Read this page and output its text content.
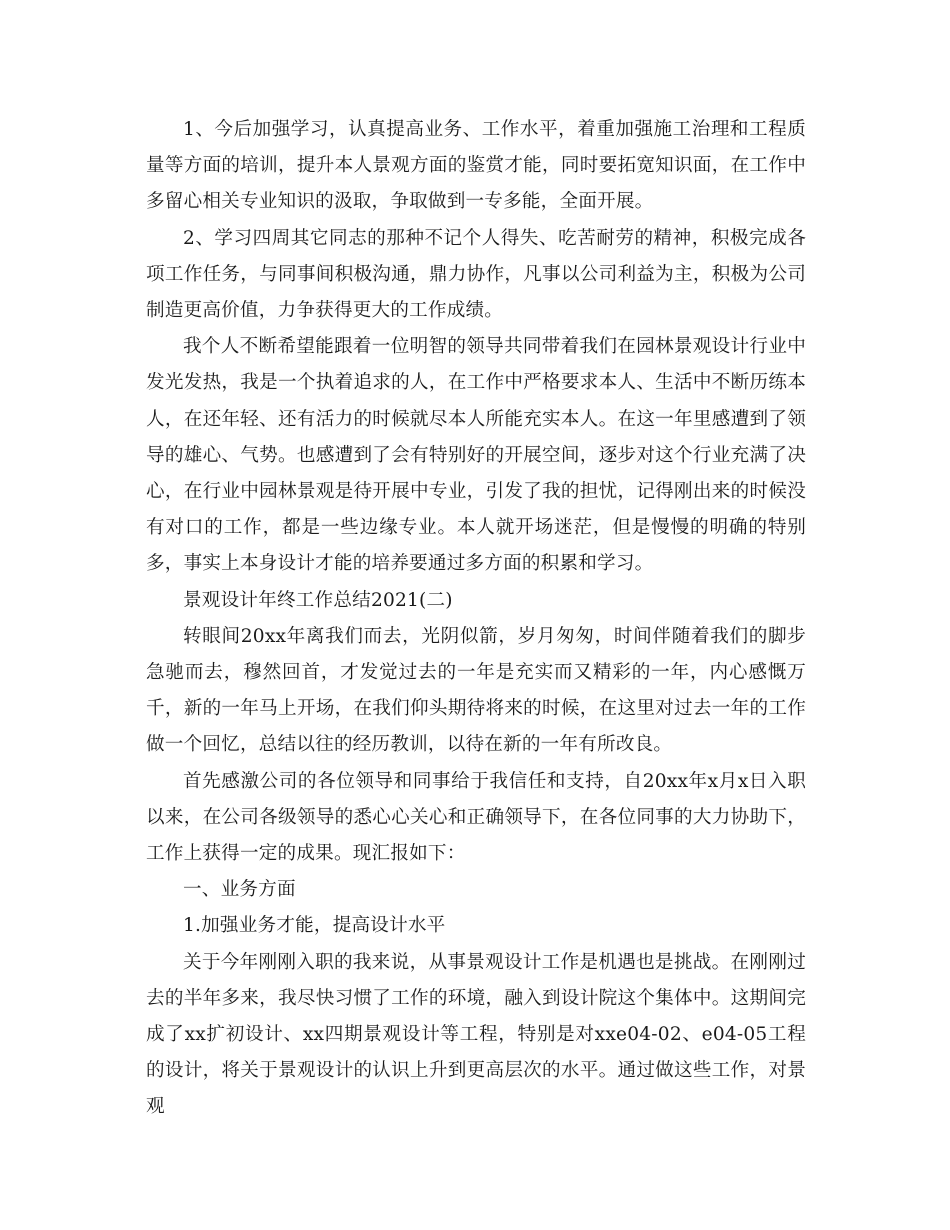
1、今后加强学习，认真提高业务、工作水平，着重加强施工治理和工程质量等方面的培训，提升本人景观方面的鉴赏才能，同时要拓宽知识面，在工作中多留心相关专业知识的汲取，争取做到一专多能，全面开展。

2、学习四周其它同志的那种不记个人得失、吃苦耐劳的精神，积极完成各项工作任务，与同事间积极沟通，鼎力协作，凡事以公司利益为主，积极为公司制造更高价值，力争获得更大的工作成绩。

我个人不断希望能跟着一位明智的领导共同带着我们在园林景观设计行业中发光发热，我是一个执着追求的人，在工作中严格要求本人、生活中不断历练本人，在还年轻、还有活力的时候就尽本人所能充实本人。在这一年里感遭到了领导的雄心、气势。也感遭到了会有特别好的开展空间，逐步对这个行业充满了决心，在行业中园林景观是待开展中专业，引发了我的担忧，记得刚出来的时候没有对口的工作，都是一些边缘专业。本人就开场迷茫，但是慢慢的明确的特别多，事实上本身设计才能的培养要通过多方面的积累和学习。

景观设计年终工作总结2021(二)

转眼间20xx年离我们而去，光阴似箭，岁月匆匆，时间伴随着我们的脚步急驰而去，穆然回首，才发觉过去的一年是充实而又精彩的一年，内心感慨万千，新的一年马上开场，在我们仰头期待将来的时候，在这里对过去一年的工作做一个回忆，总结以往的经历教训，以待在新的一年有所改良。

首先感激公司的各位领导和同事给于我信任和支持，自20xx年x月x日入职以来，在公司各级领导的悉心心关心和正确领导下，在各位同事的大力协助下，工作上获得一定的成果。现汇报如下：

一、业务方面

1.加强业务才能，提高设计水平

关于今年刚刚入职的我来说，从事景观设计工作是机遇也是挑战。在刚刚过去的半年多来，我尽快习惯了工作的环境，融入到设计院这个集体中。这期间完成了xx扩初设计、xx四期景观设计等工程，特别是对xxe04-02、e04-05工程的设计，将关于景观设计的认识上升到更高层次的水平。通过做这些工作，对景观
